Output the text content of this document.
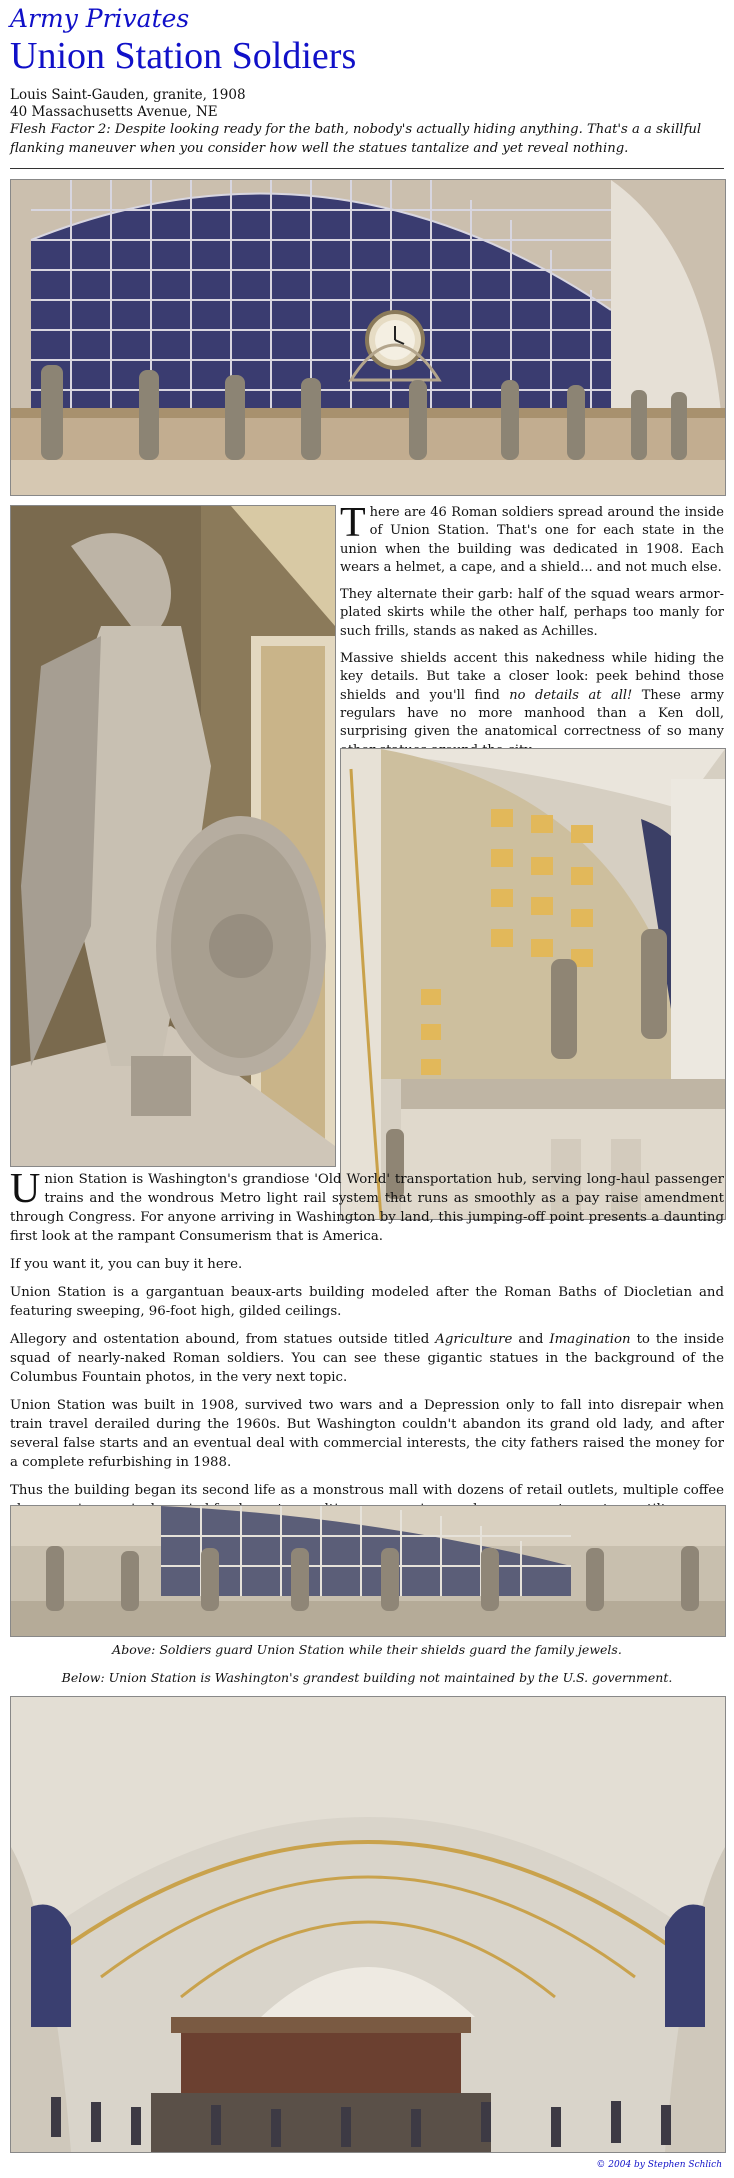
Army Privates
Union Station Soldiers
Louis Saint-Gauden, granite, 1908
40 Massachusetts Avenue, NE
Flesh Factor 2: Despite looking ready for the bath, nobody's actually hiding anything. That's a a skillful flanking maneuver when you consider how well the statues tantalize and yet reveal nothing.

There are 46 Roman soldiers spread around the inside of Union Station. That's one for each state in the union when the building was dedicated in 1908. Each wears a helmet, a cape, and a shield... and not much else.

They alternate their garb: half of the squad wears armor-plated skirts while the other half, perhaps too manly for such frills, stands as naked as Achilles.

Massive shields accent this nakedness while hiding the key details. But take a closer look: peek behind those shields and you'll find no details at all! These army regulars have no more manhood than a Ken doll, surprising given the anatomical correctness of so many

Union Station is Washington's grandiose 'Old World' transportation hub, serving long-haul passenger trains and the wondrous Metro light rail system that runs as smoothly as a pay raise amendment through Congress. For anyone arriving in Washington by land, this jumping-off point presents a daunting first look at the rampant Consumerism that is America.

If you want it, you can buy it here.

Union Station is a gargantuan beaux-arts building modeled after the Roman Baths of Diocletian and featuring sweeping, 96-foot high, gilded ceilings.

Allegory and ostentation abound, from statues outside titled Agriculture and Imagination to the inside squad of nearly-naked Roman soldiers. You can see these gigantic statues in the background of the Columbus Fountain photos, in the very next topic.

Union Station was built in 1908, survived two wars and a Depression only to fall into disrepair when train travel derailed during the 1960s. But Washington couldn't abandon its grand old lady, and after several false starts and an eventual deal with commercial interests, the city fathers raised the money for a complete refurbishing in 1988.

Thus the building began its second life as a monstrous mall with dozens of retail outlets, multiple coffee

Above: Soldiers guard Union Station while their shields guard the family jewels.
Below: Union Station is Washington's grandest building not maintained by the U.S. government.
© 2004 by Stephen Schlich
